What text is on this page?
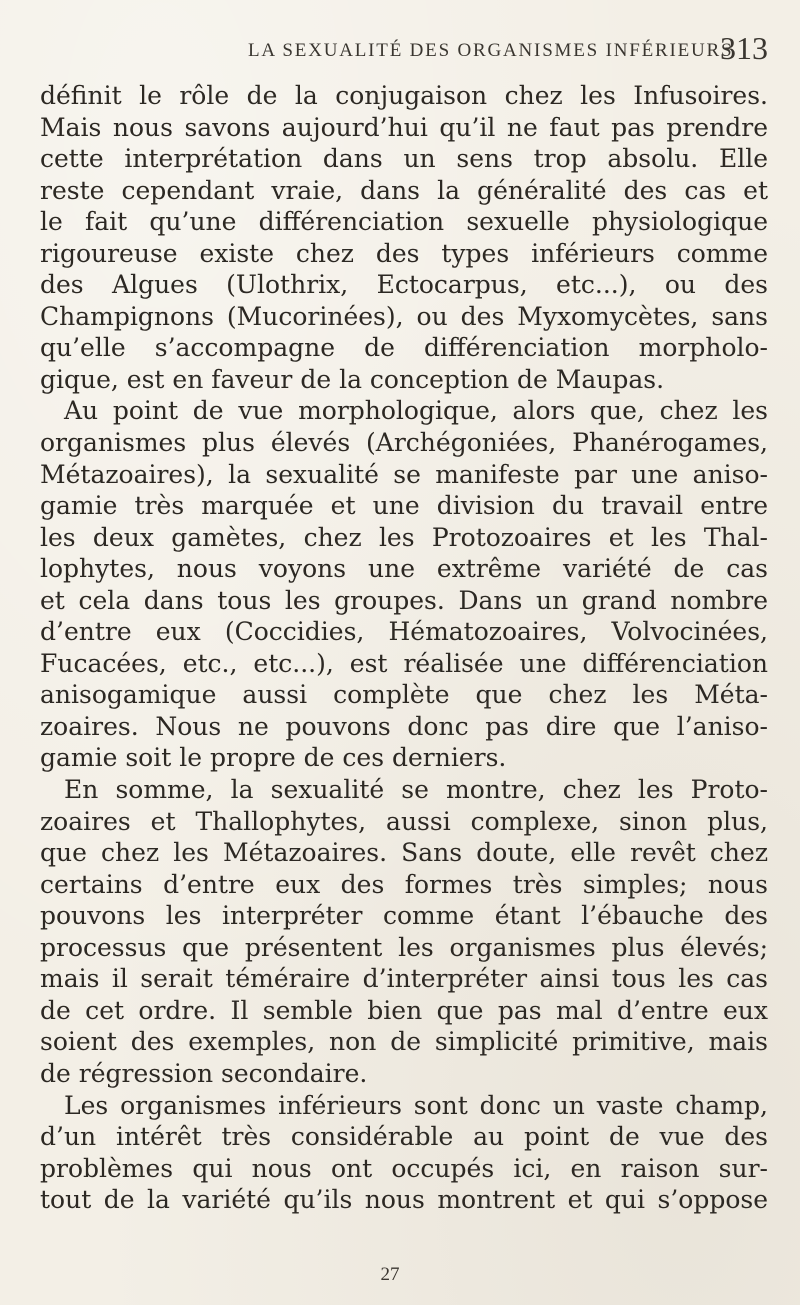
LA SEXUALITÉ DES ORGANISMES INFÉRIEURS
313
définit le rôle de la conjugaison chez les Infusoires.
Mais nous savons aujourd’hui qu’il ne faut pas prendre
cette interprétation dans un sens trop absolu. Elle
reste cependant vraie, dans la généralité des cas et
le fait qu’une différenciation sexuelle physiologique
rigoureuse existe chez des types inférieurs comme
des Algues (Ulothrix, Ectocarpus, etc...), ou des
Champignons (Mucorinées), ou des Myxomycètes, sans
qu’elle s’accompagne de différenciation morpholo-
gique, est en faveur de la conception de Maupas.
Au point de vue morphologique, alors que, chez les
organismes plus élevés (Archégoniées, Phanérogames,
Métazoaires), la sexualité se manifeste par une aniso-
gamie très marquée et une division du travail entre
les deux gamètes, chez les Protozoaires et les Thal-
lophytes, nous voyons une extrême variété de cas
et cela dans tous les groupes. Dans un grand nombre
d’entre eux (Coccidies, Hématozoaires, Volvocinées,
Fucacées, etc., etc...), est réalisée une différenciation
anisogamique aussi complète que chez les Méta-
zoaires. Nous ne pouvons donc pas dire que l’aniso-
gamie soit le propre de ces derniers.
En somme, la sexualité se montre, chez les Proto-
zoaires et Thallophytes, aussi complexe, sinon plus,
que chez les Métazoaires. Sans doute, elle revêt chez
certains d’entre eux des formes très simples; nous
pouvons les interpréter comme étant l’ébauche des
processus que présentent les organismes plus élevés;
mais il serait téméraire d’interpréter ainsi tous les cas
de cet ordre. Il semble bien que pas mal d’entre eux
soient des exemples, non de simplicité primitive, mais
de régression secondaire.
Les organismes inférieurs sont donc un vaste champ,
d’un intérêt très considérable au point de vue des
problèmes qui nous ont occupés ici, en raison sur-
tout de la variété qu’ils nous montrent et qui s’oppose
27
